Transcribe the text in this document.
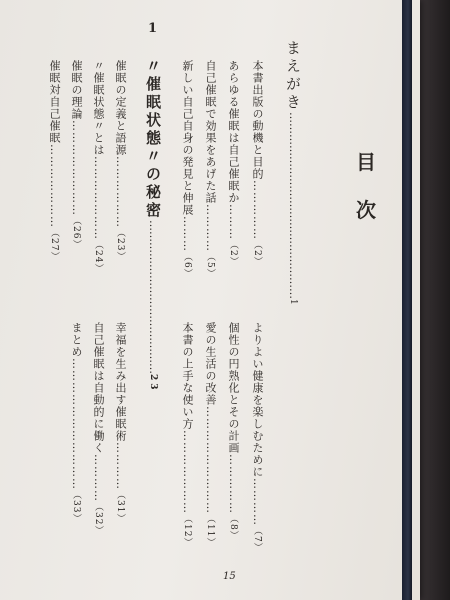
目
次
まえがき……………………………………………1
本書出版の動機と目的……………（2）
あらゆる催眠は自己催眠か………（2）
自己催眠で効果をあげた話…………（5）
新しい自己自身の発見と伸展………（6）
よりよい健康を楽しむために…………（7）
個性の円熟化とその計画……………（8）
愛の生活の改善………………………（11）
本書の上手な使い方…………………（12）
1
〃催眠状態〃の秘密……………………………………23
催眠の定義と語源………………（23）
〃催眠状態〃とは…………………（24）
催眠の理論……………………（26）
催眠対自己催眠…………………（27）
幸福を生み出す催眠術…………（31）
自己催眠は自動的に働く…………（32）
まとめ……………………………（33）
15
